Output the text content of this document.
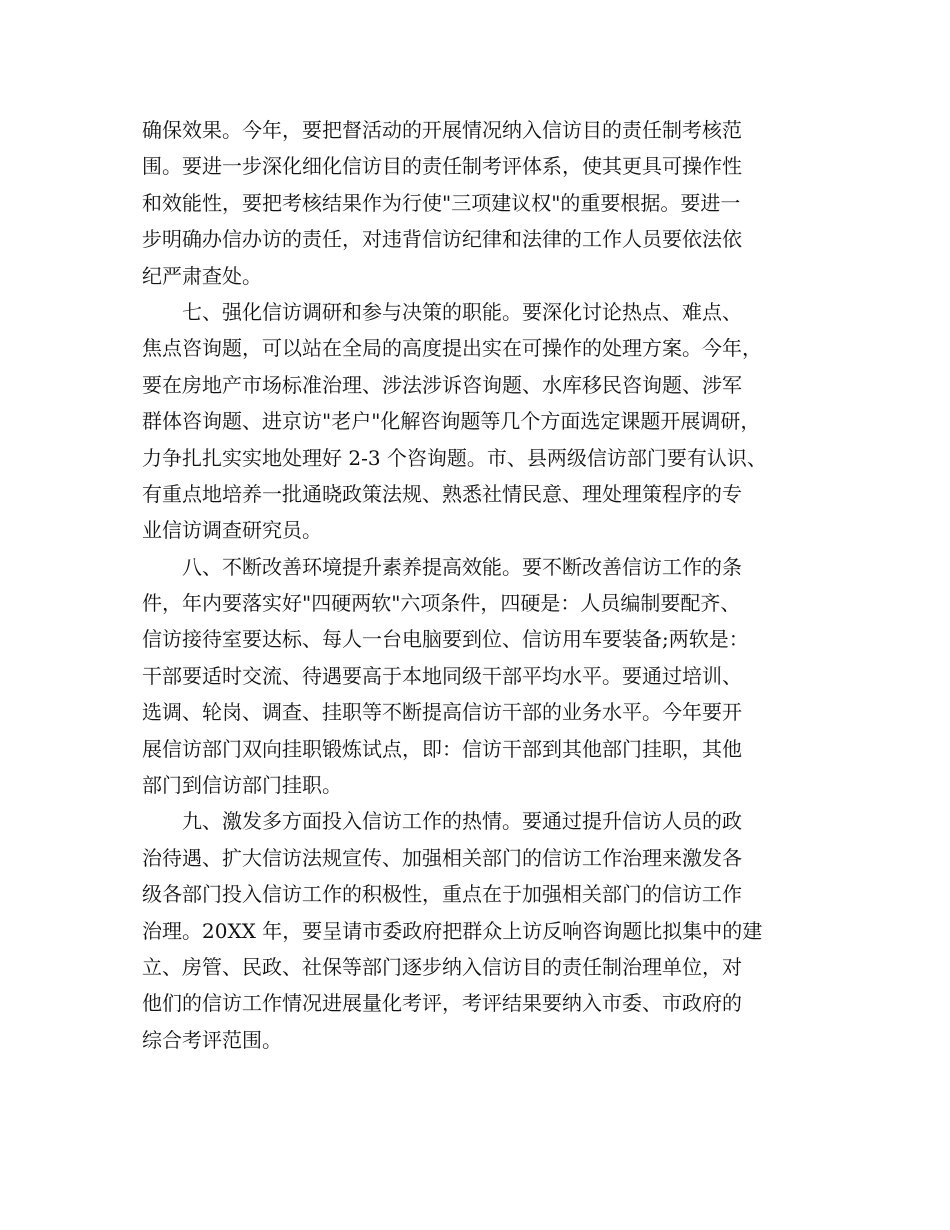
确保效果。今年，要把督活动的开展情况纳入信访目的责任制考核范
围。要进一步深化细化信访目的责任制考评体系，使其更具可操作性
和效能性，要把考核结果作为行使"三项建议权"的重要根据。要进一
步明确办信办访的责任，对违背信访纪律和法律的工作人员要依法依
纪严肃查处。
七、强化信访调研和参与决策的职能。要深化讨论热点、难点、
焦点咨询题，可以站在全局的高度提出实在可操作的处理方案。今年，
要在房地产市场标准治理、涉法涉诉咨询题、水库移民咨询题、涉军
群体咨询题、进京访"老户"化解咨询题等几个方面选定课题开展调研，
力争扎扎实实地处理好 2-3 个咨询题。市、县两级信访部门要有认识、
有重点地培养一批通晓政策法规、熟悉社情民意、理处理策程序的专
业信访调查研究员。
八、不断改善环境提升素养提高效能。要不断改善信访工作的条
件，年内要落实好"四硬两软"六项条件，四硬是：人员编制要配齐、
信访接待室要达标、每人一台电脑要到位、信访用车要装备;两软是：
干部要适时交流、待遇要高于本地同级干部平均水平。要通过培训、
选调、轮岗、调查、挂职等不断提高信访干部的业务水平。今年要开
展信访部门双向挂职锻炼试点，即：信访干部到其他部门挂职，其他
部门到信访部门挂职。
九、激发多方面投入信访工作的热情。要通过提升信访人员的政
治待遇、扩大信访法规宣传、加强相关部门的信访工作治理来激发各
级各部门投入信访工作的积极性，重点在于加强相关部门的信访工作
治理。20XX 年，要呈请市委政府把群众上访反响咨询题比拟集中的建
立、房管、民政、社保等部门逐步纳入信访目的责任制治理单位，对
他们的信访工作情况进展量化考评，考评结果要纳入市委、市政府的
综合考评范围。
